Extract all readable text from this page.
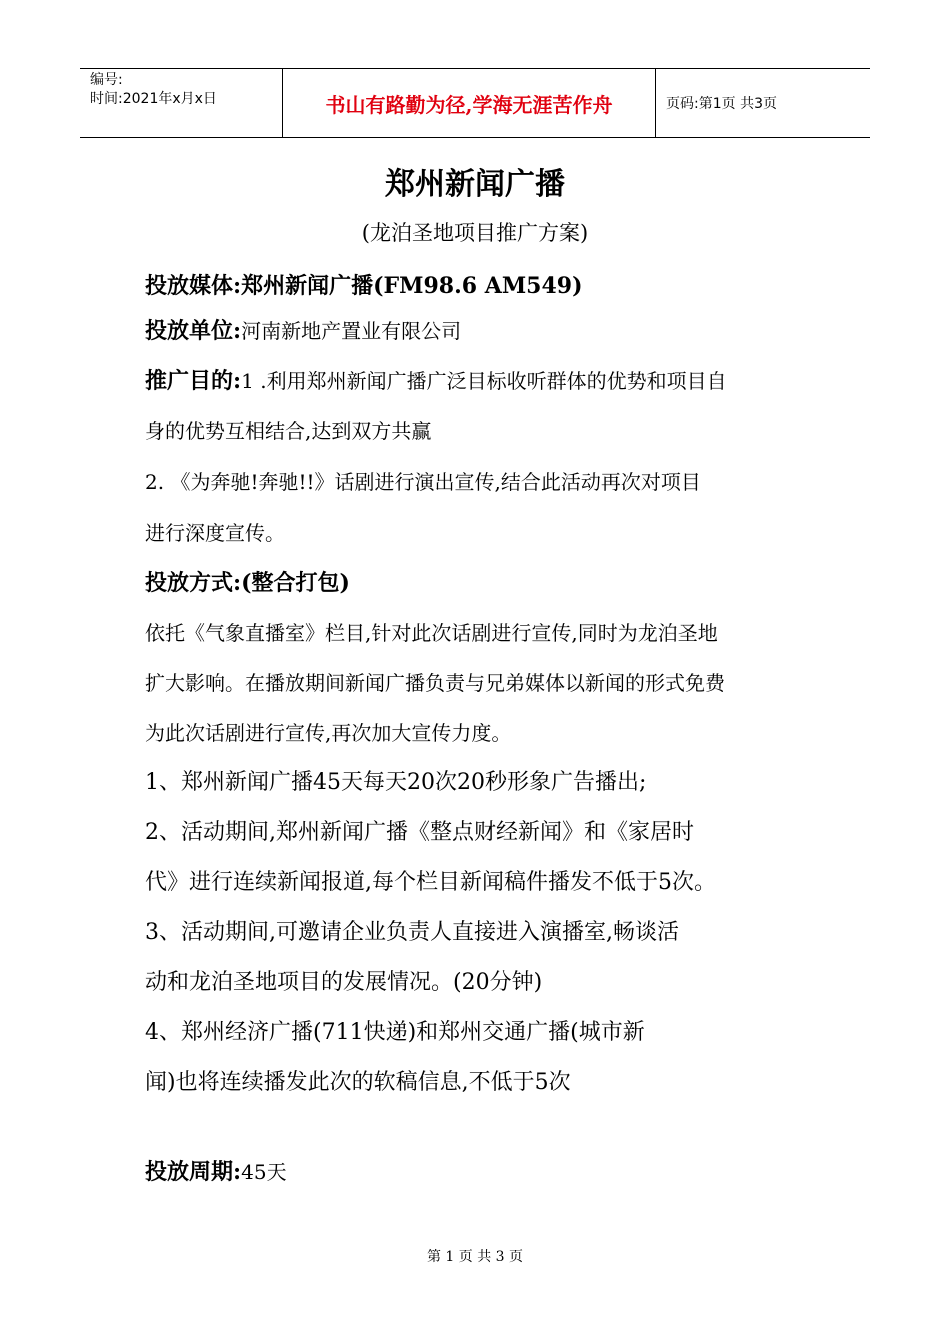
编号:
时间:2021年x月x日	书山有路勤为径,学海无涯苦作舟	页码:第1页 共3页
郑州新闻广播
(龙泊圣地项目推广方案)
投放媒体:郑州新闻广播(FM98.6 AM549)
投放单位:河南新地产置业有限公司
推广目的:1 .利用郑州新闻广播广泛目标收听群体的优势和项目自
身的优势互相结合,达到双方共赢
2. 《为奔驰!奔驰!!》话剧进行演出宣传,结合此活动再次对项目
进行深度宣传。
投放方式:(整合打包)
依托《气象直播室》栏目,针对此次话剧进行宣传,同时为龙泊圣地
扩大影响。在播放期间新闻广播负责与兄弟媒体以新闻的形式免费
为此次话剧进行宣传,再次加大宣传力度。
1、郑州新闻广播45天每天20次20秒形象广告播出;
2、活动期间,郑州新闻广播《整点财经新闻》和《家居时
代》进行连续新闻报道,每个栏目新闻稿件播发不低于5次。
3、活动期间,可邀请企业负责人直接进入演播室,畅谈活
动和龙泊圣地项目的发展情况。(20分钟)
4、郑州经济广播(711快递)和郑州交通广播(城市新
闻)也将连续播发此次的软稿信息,不低于5次
投放周期:45天
第 1 页 共 3 页
